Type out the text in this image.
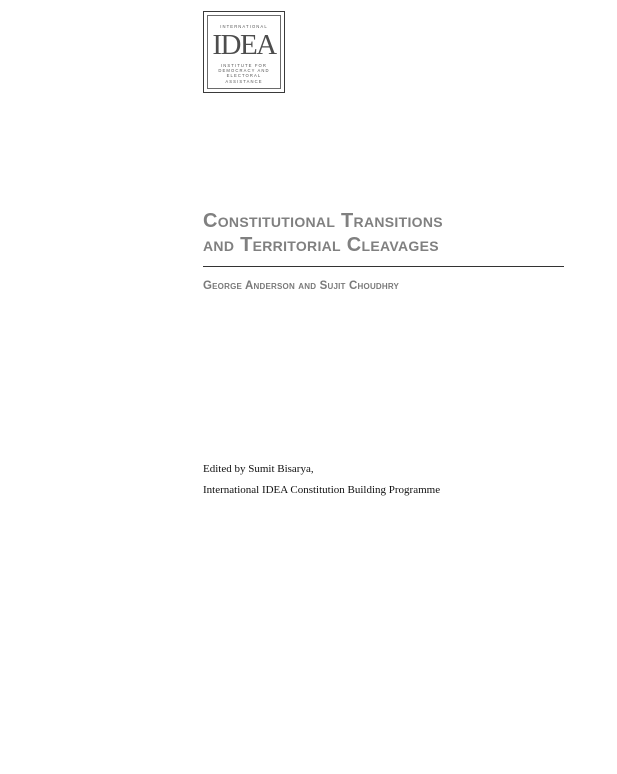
INTERNATIONAL
IDEA
INSTITUTE FOR
DEMOCRACY AND
ELECTORAL
ASSISTANCE
Constitutional Transitions
and Territorial Cleavages
George Anderson and Sujit Choudhry
Edited by Sumit Bisarya,
International IDEA Constitution Building Programme
